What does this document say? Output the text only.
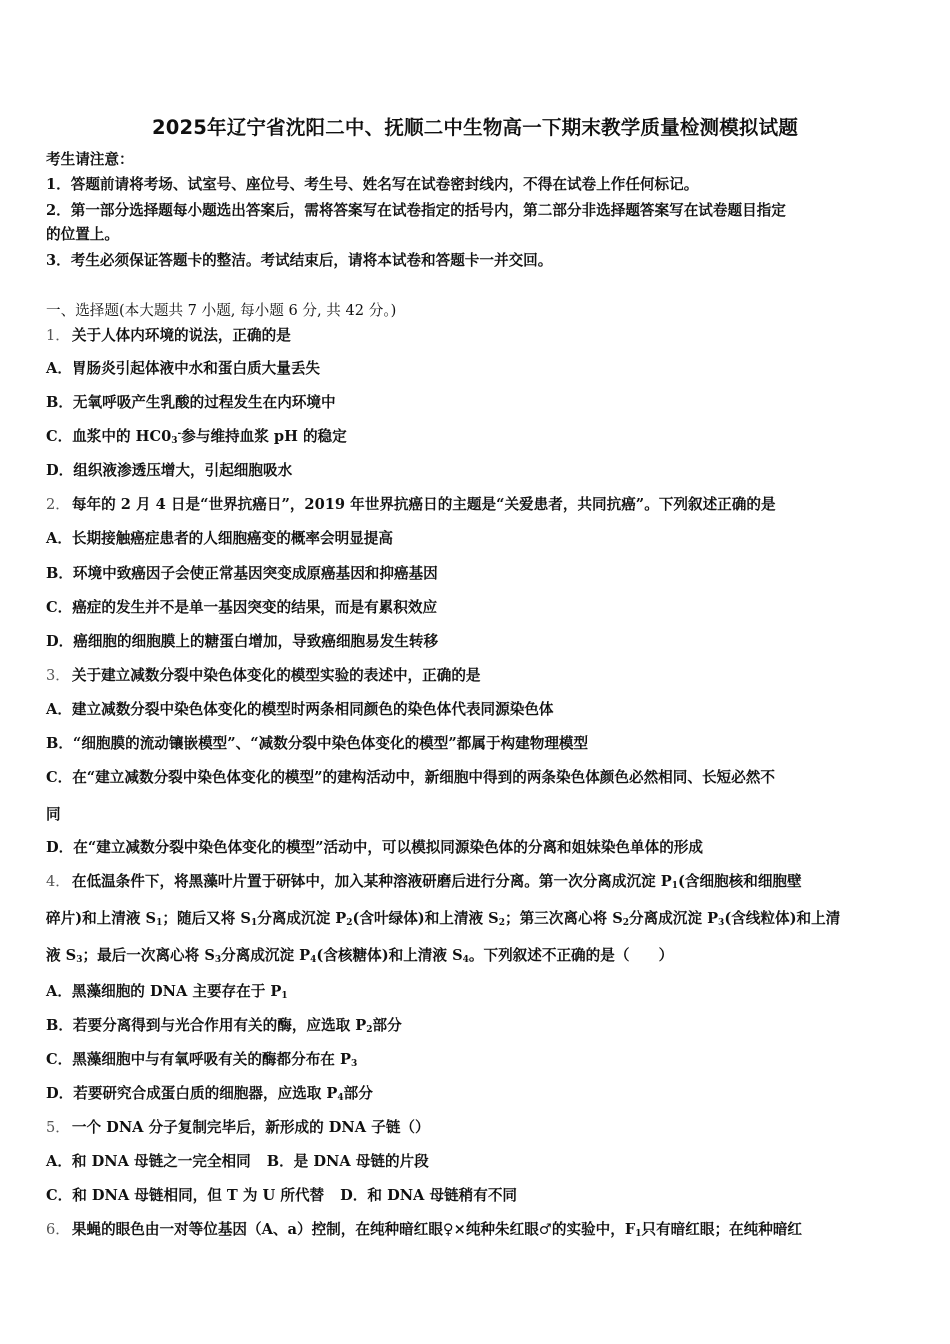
2025年辽宁省沈阳二中、抚顺二中生物高一下期末教学质量检测模拟试题
考生请注意：
1．答题前请将考场、试室号、座位号、考生号、姓名写在试卷密封线内，不得在试卷上作任何标记。
2．第一部分选择题每小题选出答案后，需将答案写在试卷指定的括号内，第二部分非选择题答案写在试卷题目指定
的位置上。
3．考生必须保证答题卡的整洁。考试结束后，请将本试卷和答题卡一并交回。
一、选择题(本大题共 7 小题, 每小题 6 分, 共 42 分。)
1． 关于人体内环境的说法，正确的是
A．胃肠炎引起体液中水和蛋白质大量丢失
B．无氧呼吸产生乳酸的过程发生在内环境中
C．血浆中的 $HC0_3^-$参与维持血浆 pH 的稳定
D．组织液渗透压增大，引起细胞吸水
2． 每年的 2 月 4 日是“世界抗癌日”，2019 年世界抗癌日的主题是“关爱患者，共同抗癌”。下列叙述正确的是
A．长期接触癌症患者的人细胞癌变的概率会明显提高
B．环境中致癌因子会使正常基因突变成原癌基因和抑癌基因
C．癌症的发生并不是单一基因突变的结果，而是有累积效应
D．癌细胞的细胞膜上的糖蛋白增加，导致癌细胞易发生转移
3． 关于建立减数分裂中染色体变化的模型实验的表述中，正确的是
A．建立减数分裂中染色体变化的模型时两条相同颜色的染色体代表同源染色体
B．“细胞膜的流动镶嵌模型”、“减数分裂中染色体变化的模型”都属于构建物理模型
C．在“建立减数分裂中染色体变化的模型”的建构活动中，新细胞中得到的两条染色体颜色必然相同、长短必然不
同
D．在“建立减数分裂中染色体变化的模型”活动中，可以模拟同源染色体的分离和姐妹染色单体的形成
4． 在低温条件下，将黑藻叶片置于研钵中，加入某种溶液研磨后进行分离。第一次分离成沉淀 $P_1$(含细胞核和细胞壁
碎片)和上清液 $S_1$；随后又将 $S_1$分离成沉淀 $P_2$(含叶绿体)和上清液 $S_2$；第三次离心将 $S_2$分离成沉淀 $P_3$(含线粒体)和上清
液 $S_3$；最后一次离心将 $S_3$分离成沉淀 $P_4$(含核糖体)和上清液 $S_4$。下列叙述不正确的是（　　）
A．黑藻细胞的 DNA 主要存在于 $P_1$
B．若要分离得到与光合作用有关的酶，应选取 $P_2$部分
C．黑藻细胞中与有氧呼吸有关的酶都分布在 $P_3$
D．若要研究合成蛋白质的细胞器，应选取 $P_4$部分
5． 一个 DNA 分子复制完毕后，新形成的 DNA 子链（）
A．和 DNA 母链之一完全相同 B．是 DNA 母链的片段
C．和 DNA 母链相同，但 T 为 U 所代替 D．和 DNA 母链稍有不同
6． 果蝇的眼色由一对等位基因（A、a）控制，在纯种暗红眼♀×纯种朱红眼♂的实验中，$F_1$只有暗红眼；在纯种暗红
